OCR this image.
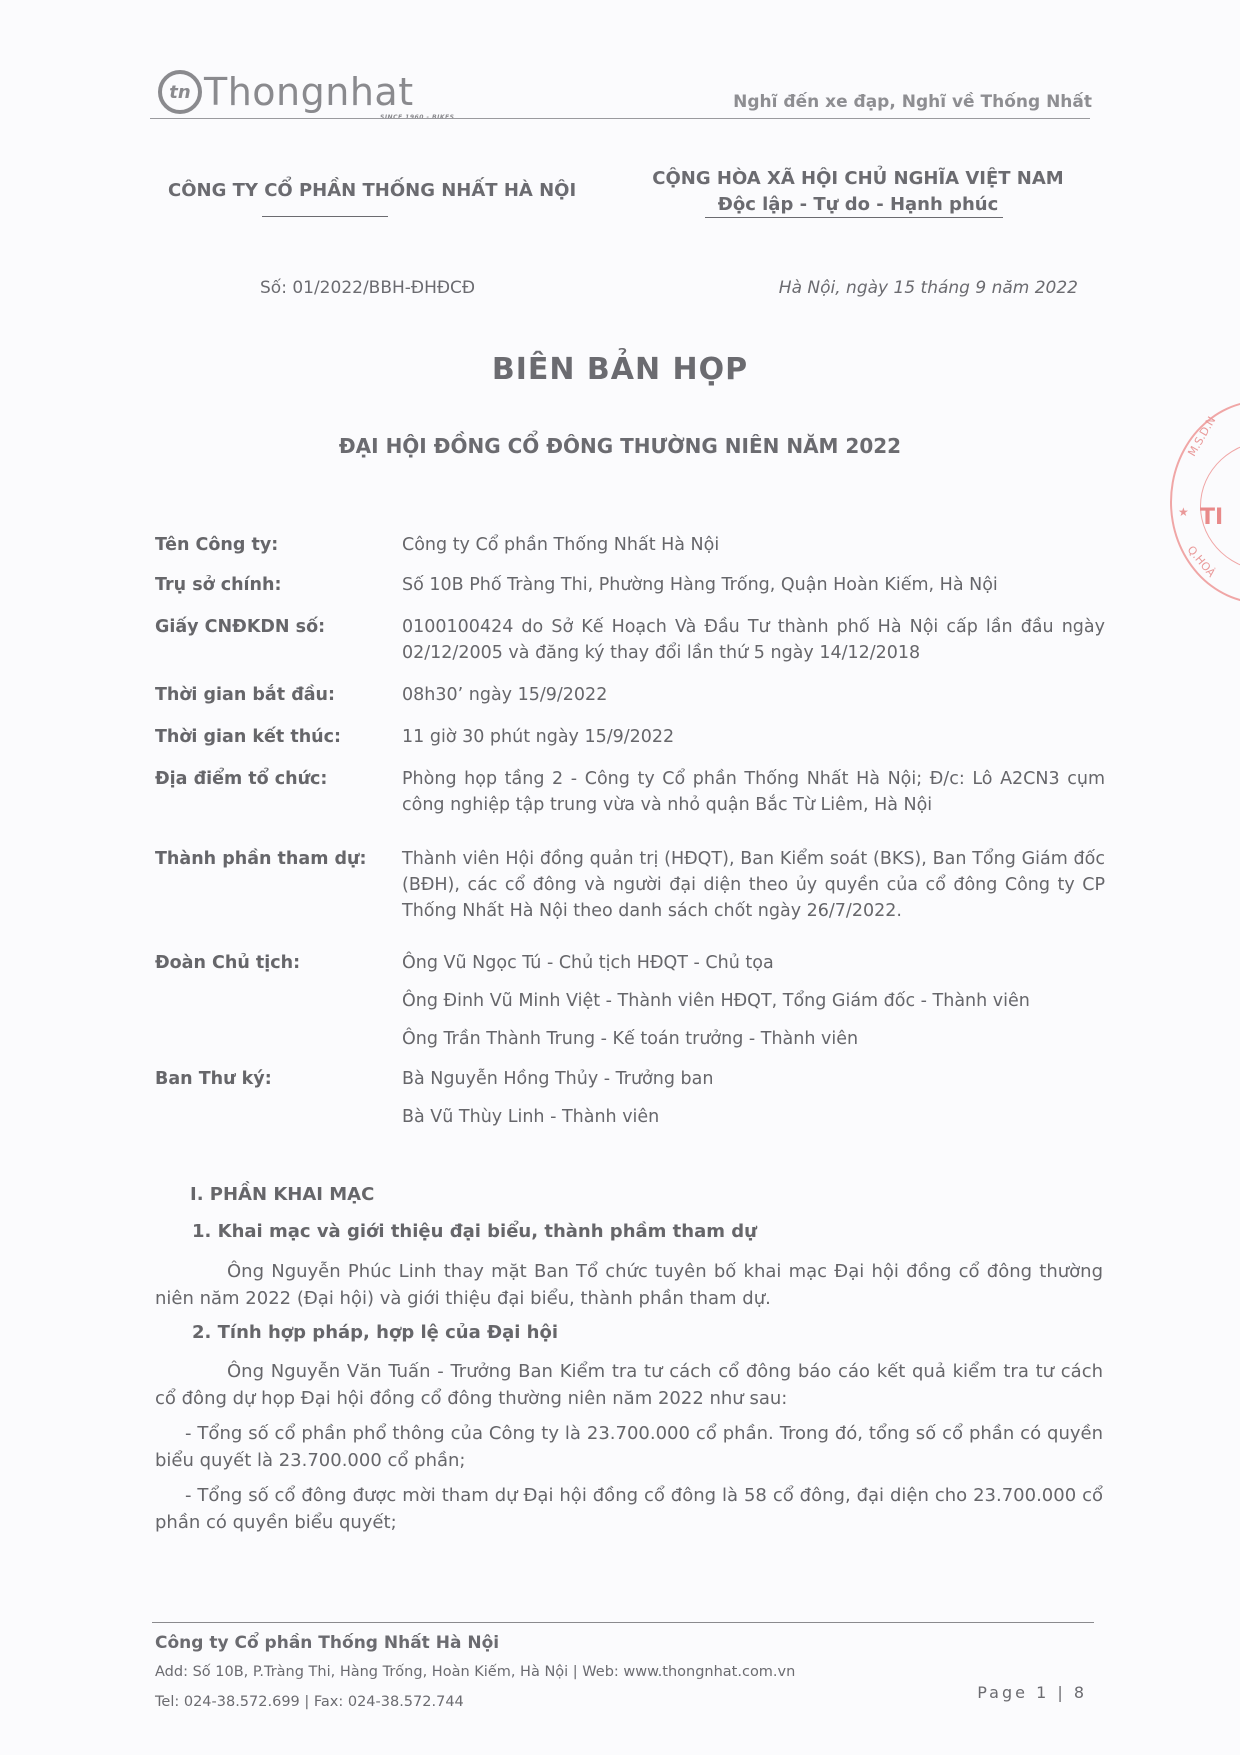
tn Thongnhat	Nghĩ đến xe đạp, Nghĩ về Thống Nhất
CÔNG TY CỔ PHẦN THỐNG NHẤT HÀ NỘI
CỘNG HÒA XÃ HỘI CHỦ NGHĨA VIỆT NAM
Độc lập - Tự do - Hạnh phúc
Số: 01/2022/BBH-ĐHĐCĐ	Hà Nội, ngày 15 tháng 9 năm 2022
BIÊN BẢN HỌP
ĐẠI HỘI ĐỒNG CỔ ĐÔNG THƯỜNG NIÊN NĂM 2022	M.S.D.N
★ TI
Q.HOÀ
Tên Công ty:	Công ty Cổ phần Thống Nhất Hà Nội
Trụ sở chính:	Số 10B Phố Tràng Thi, Phường Hàng Trống, Quận Hoàn Kiếm, Hà Nội
Giấy CNĐKDN số:	0100100424 do Sở Kế Hoạch Và Đầu Tư thành phố Hà Nội cấp lần đầu ngày 02/12/2005 và đăng ký thay đổi lần thứ 5 ngày 14/12/2018
Thời gian bắt đầu:	08h30’ ngày 15/9/2022
Thời gian kết thúc:	11 giờ 30 phút ngày 15/9/2022
Địa điểm tổ chức:	Phòng họp tầng 2 - Công ty Cổ phần Thống Nhất Hà Nội; Đ/c: Lô A2CN3 cụm công nghiệp tập trung vừa và nhỏ quận Bắc Từ Liêm, Hà Nội
Thành phần tham dự:	Thành viên Hội đồng quản trị (HĐQT), Ban Kiểm soát (BKS), Ban Tổng Giám đốc (BĐH), các cổ đông và người đại diện theo ủy quyền của cổ đông Công ty CP Thống Nhất Hà Nội theo danh sách chốt ngày 26/7/2022.
Đoàn Chủ tịch:	Ông Vũ Ngọc Tú - Chủ tịch HĐQT - Chủ tọa
Ông Đinh Vũ Minh Việt - Thành viên HĐQT, Tổng Giám đốc - Thành viên
Ông Trần Thành Trung - Kế toán trưởng - Thành viên
Ban Thư ký:	Bà Nguyễn Hồng Thủy - Trưởng ban
Bà Vũ Thùy Linh - Thành viên
I. PHẦN KHAI MẠC
1. Khai mạc và giới thiệu đại biểu, thành phầm tham dự
Ông Nguyễn Phúc Linh thay mặt Ban Tổ chức tuyên bố khai mạc Đại hội đồng cổ đông thường niên năm 2022 (Đại hội) và giới thiệu đại biểu, thành phần tham dự.
2. Tính hợp pháp, hợp lệ của Đại hội
Ông Nguyễn Văn Tuấn - Trưởng Ban Kiểm tra tư cách cổ đông báo cáo kết quả kiểm tra tư cách cổ đông dự họp Đại hội đồng cổ đông thường niên năm 2022 như sau:
- Tổng số cổ phần phổ thông của Công ty là 23.700.000 cổ phần. Trong đó, tổng số cổ phần có quyền biểu quyết là 23.700.000 cổ phần;
- Tổng số cổ đông được mời tham dự Đại hội đồng cổ đông là 58 cổ đông, đại diện cho 23.700.000 cổ phần có quyền biểu quyết;
Công ty Cổ phần Thống Nhất Hà Nội
Add: Số 10B, P.Tràng Thi, Hàng Trống, Hoàn Kiếm, Hà Nội | Web: www.thongnhat.com.vn
Tel: 024-38.572.699 | Fax: 024-38.572.744	Page 1 | 8
